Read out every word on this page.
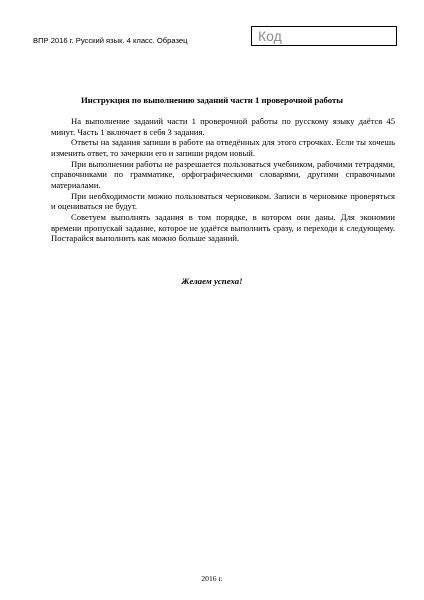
ВПР 2016 г. Русский язык. 4 класс. Образец	Код
Инструкция по выполнению заданий части 1 проверочной работы

На выполнение заданий части 1 проверочной работы по русскому языку даётся 45 минут. Часть 1 включает в себя 3 задания.

Ответы на задания запиши в работе на отведённых для этого строчках. Если ты хочешь изменить ответ, то зачеркни его и запиши рядом новый.

При выполнении работы не разрешается пользоваться учебником, рабочими тетрадями, справочниками по грамматике, орфографическими словарями, другими справочными материалами.

При необходимости можно пользоваться черновиком. Записи в черновике проверяться и оцениваться не будут.

Советуем выполнять задания в том порядке, в котором они даны. Для экономии времени пропускай задание, которое не удаётся выполнить сразу, и переходи к следующему. Постарайся выполнить как можно больше заданий.

Желаем успеха!
2016 г.
